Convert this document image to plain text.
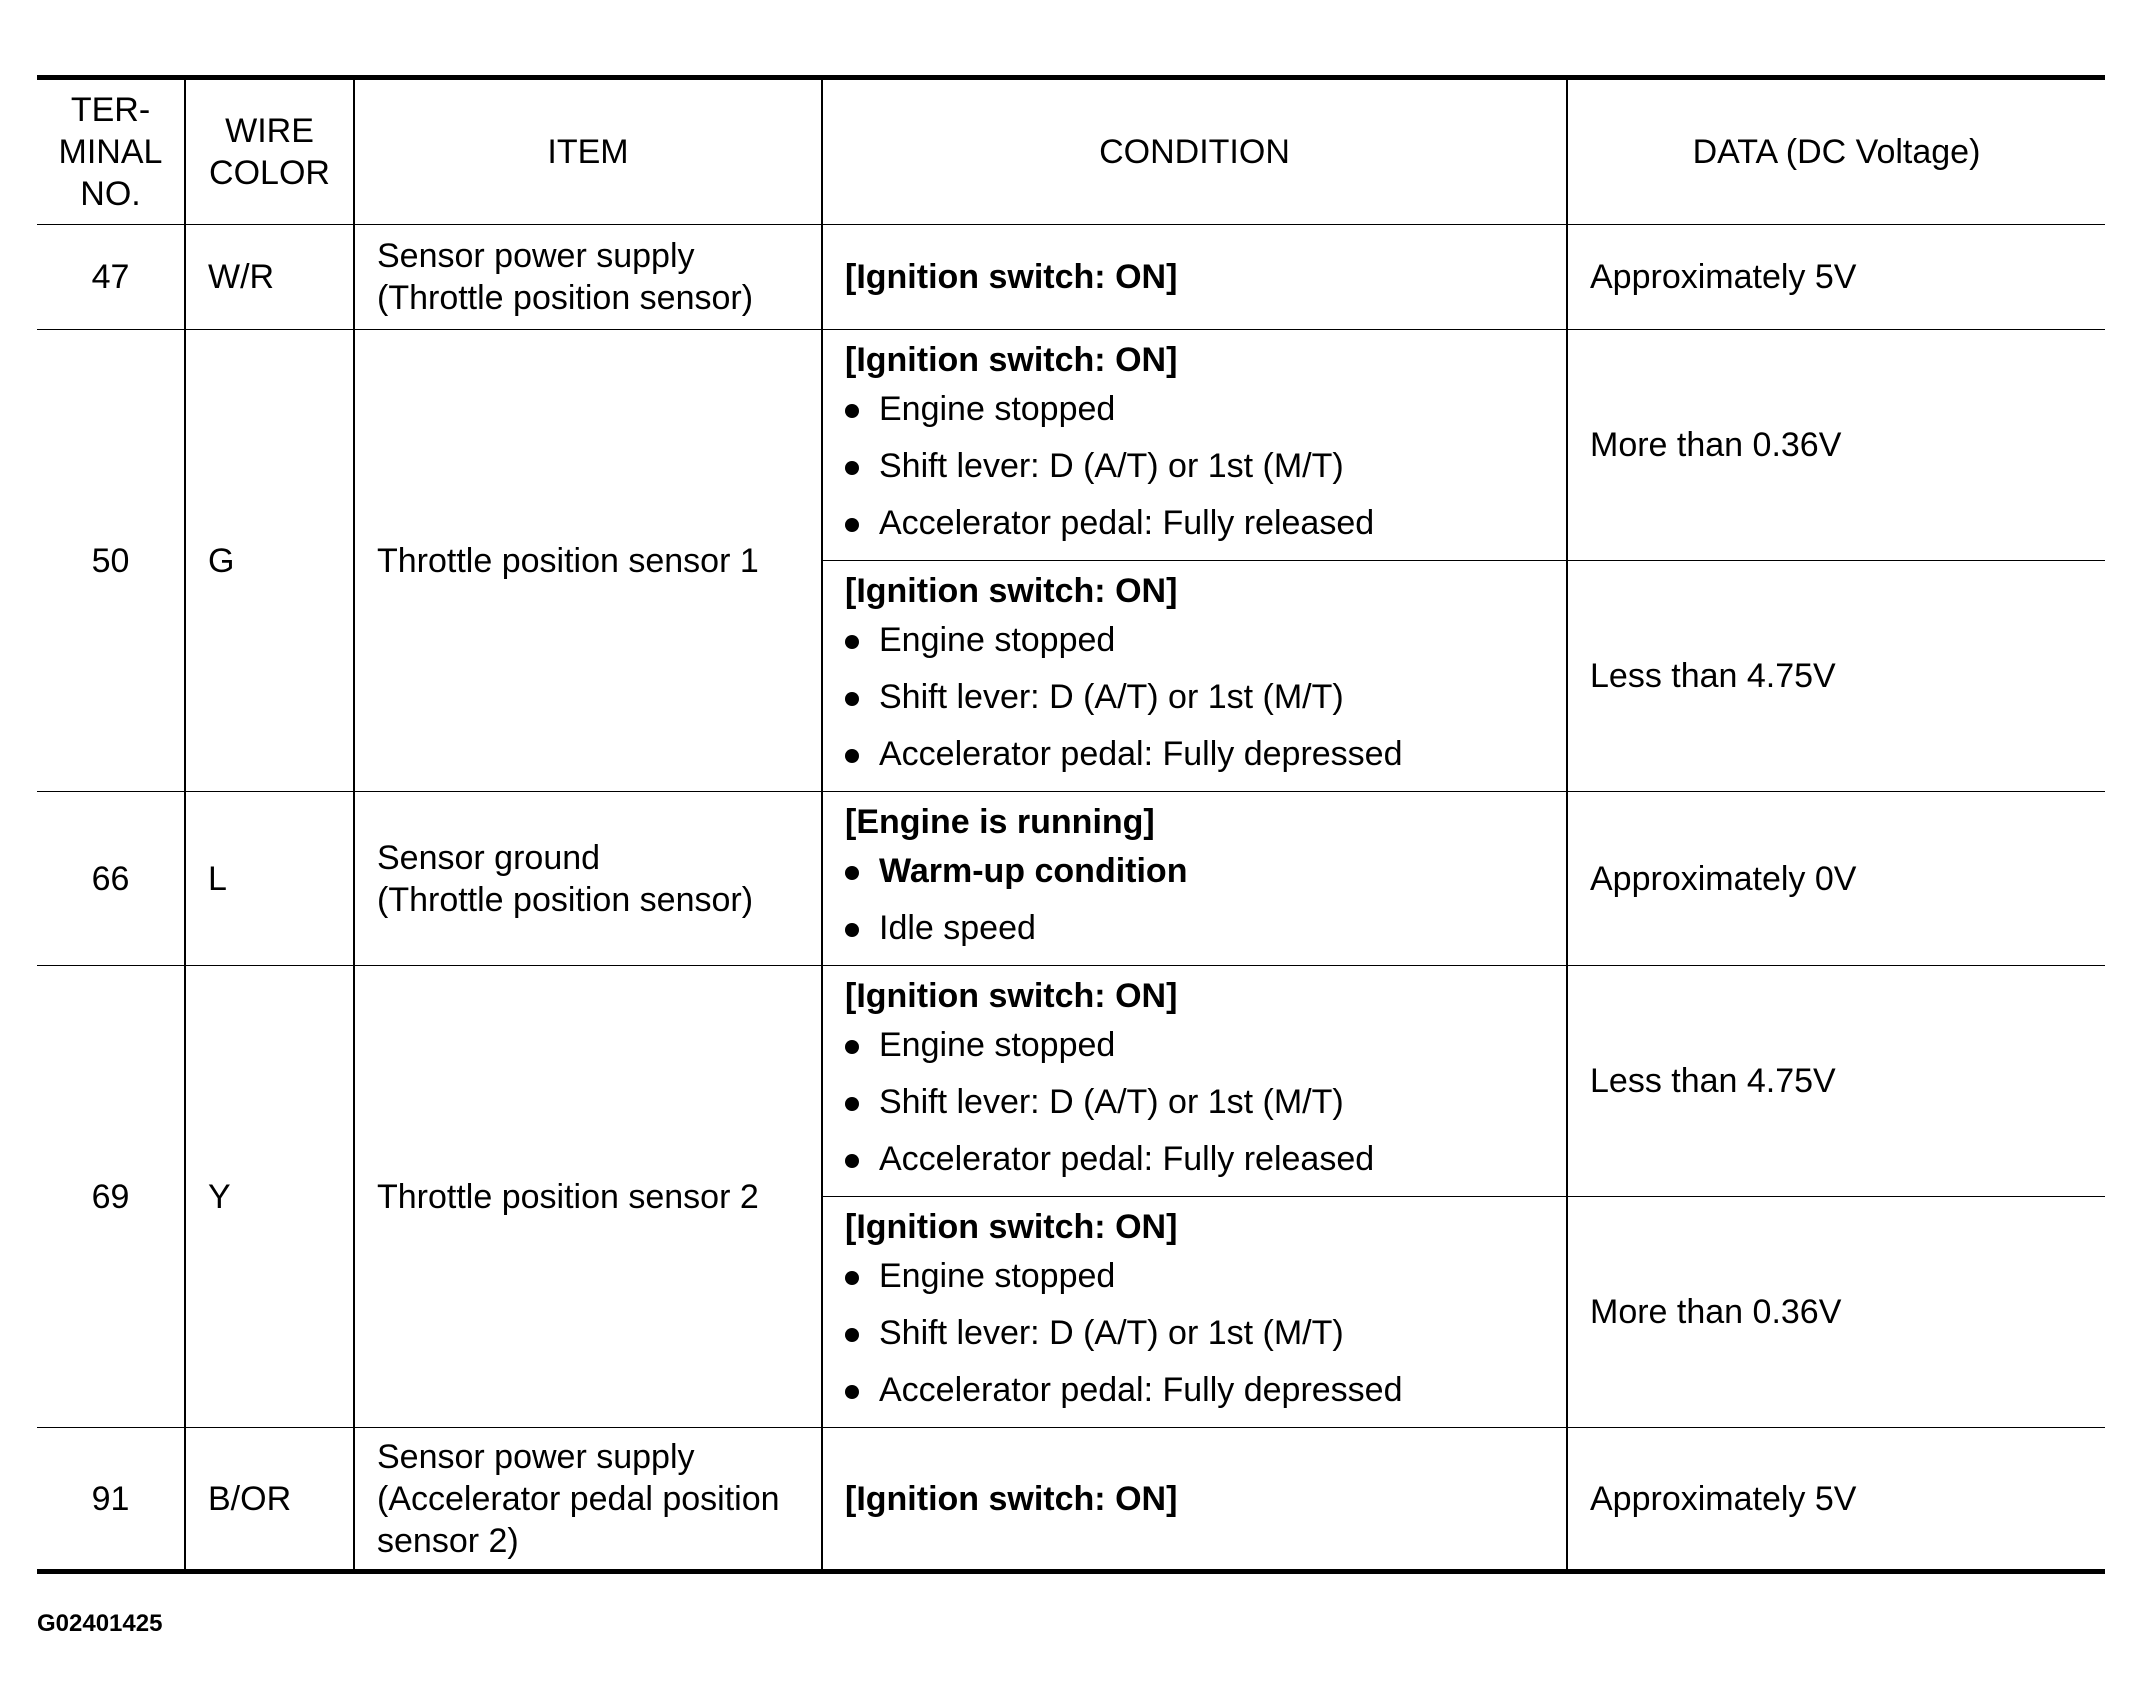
TER-
MINAL
NO.	WIRE
COLOR	ITEM	CONDITION	DATA (DC Voltage)
47	W/R	Sensor power supply
(Throttle position sensor)	[Ignition switch: ON]	Approximately 5V
50	G	Throttle position sensor 1	[Ignition switch: ON]
Engine stopped
Shift lever: D (A/T) or 1st (M/T)
Accelerator pedal: Fully released	More than 0.36V

			[Ignition switch: ON]
Engine stopped
Shift lever: D (A/T) or 1st (M/T)
Accelerator pedal: Fully depressed	Less than 4.75V
66	L	Sensor ground
(Throttle position sensor)	[Engine is running]
Warm-up condition
Idle speed	Approximately 0V
69	Y	Throttle position sensor 2	[Ignition switch: ON]
Engine stopped
Shift lever: D (A/T) or 1st (M/T)
Accelerator pedal: Fully released	Less than 4.75V

			[Ignition switch: ON]
Engine stopped
Shift lever: D (A/T) or 1st (M/T)
Accelerator pedal: Fully depressed	More than 0.36V
91	B/OR	Sensor power supply
(Accelerator pedal position
sensor 2)	[Ignition switch: ON]	Approximately 5V
G02401425
